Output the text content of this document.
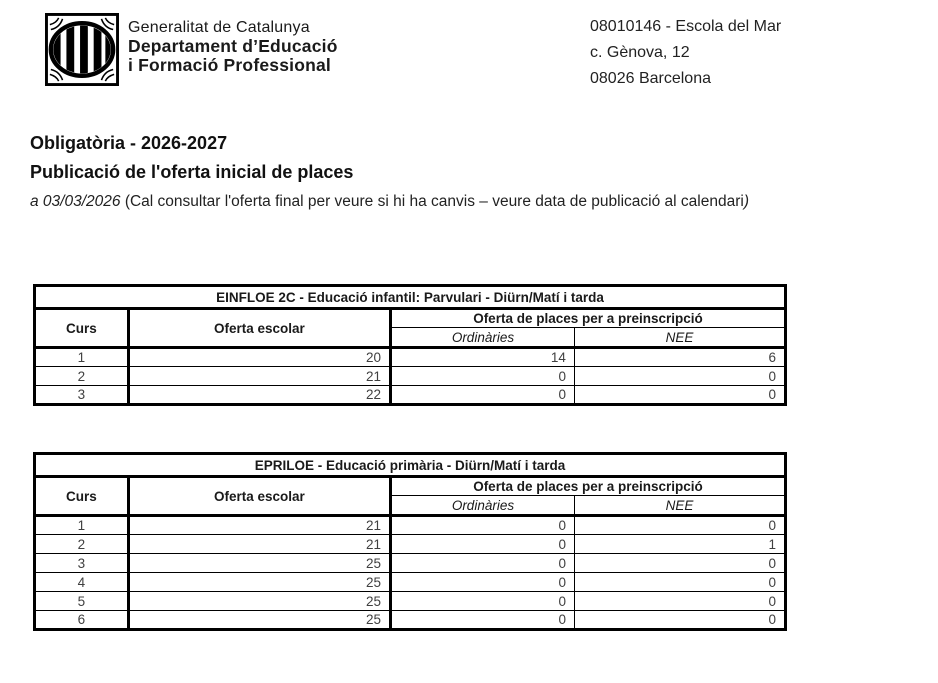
Generalitat de Catalunya
Departament d’Educació
i Formació Professional
08010146 - Escola del Mar
c. Gènova, 12
08026 Barcelona
Obligatòria - 2026-2027
Publicació de l'oferta inicial de places
a 03/03/2026 (Cal consultar l'oferta final per veure si hi ha canvis – veure data de publicació al calendari)
EINFLOE 2C - Educació infantil: Parvulari - Diürn/Matí i tarda			
Curs	Oferta escolar	Oferta de places per a preinscripció	
		Ordinàries	NEE
1	20	14	6
2	21	0	0
3	22	0	0
EPRILOE - Educació primària - Diürn/Matí i tarda			
Curs	Oferta escolar	Oferta de places per a preinscripció	
		Ordinàries	NEE
1	21	0	0
2	21	0	1
3	25	0	0
4	25	0	0
5	25	0	0
6	25	0	0
